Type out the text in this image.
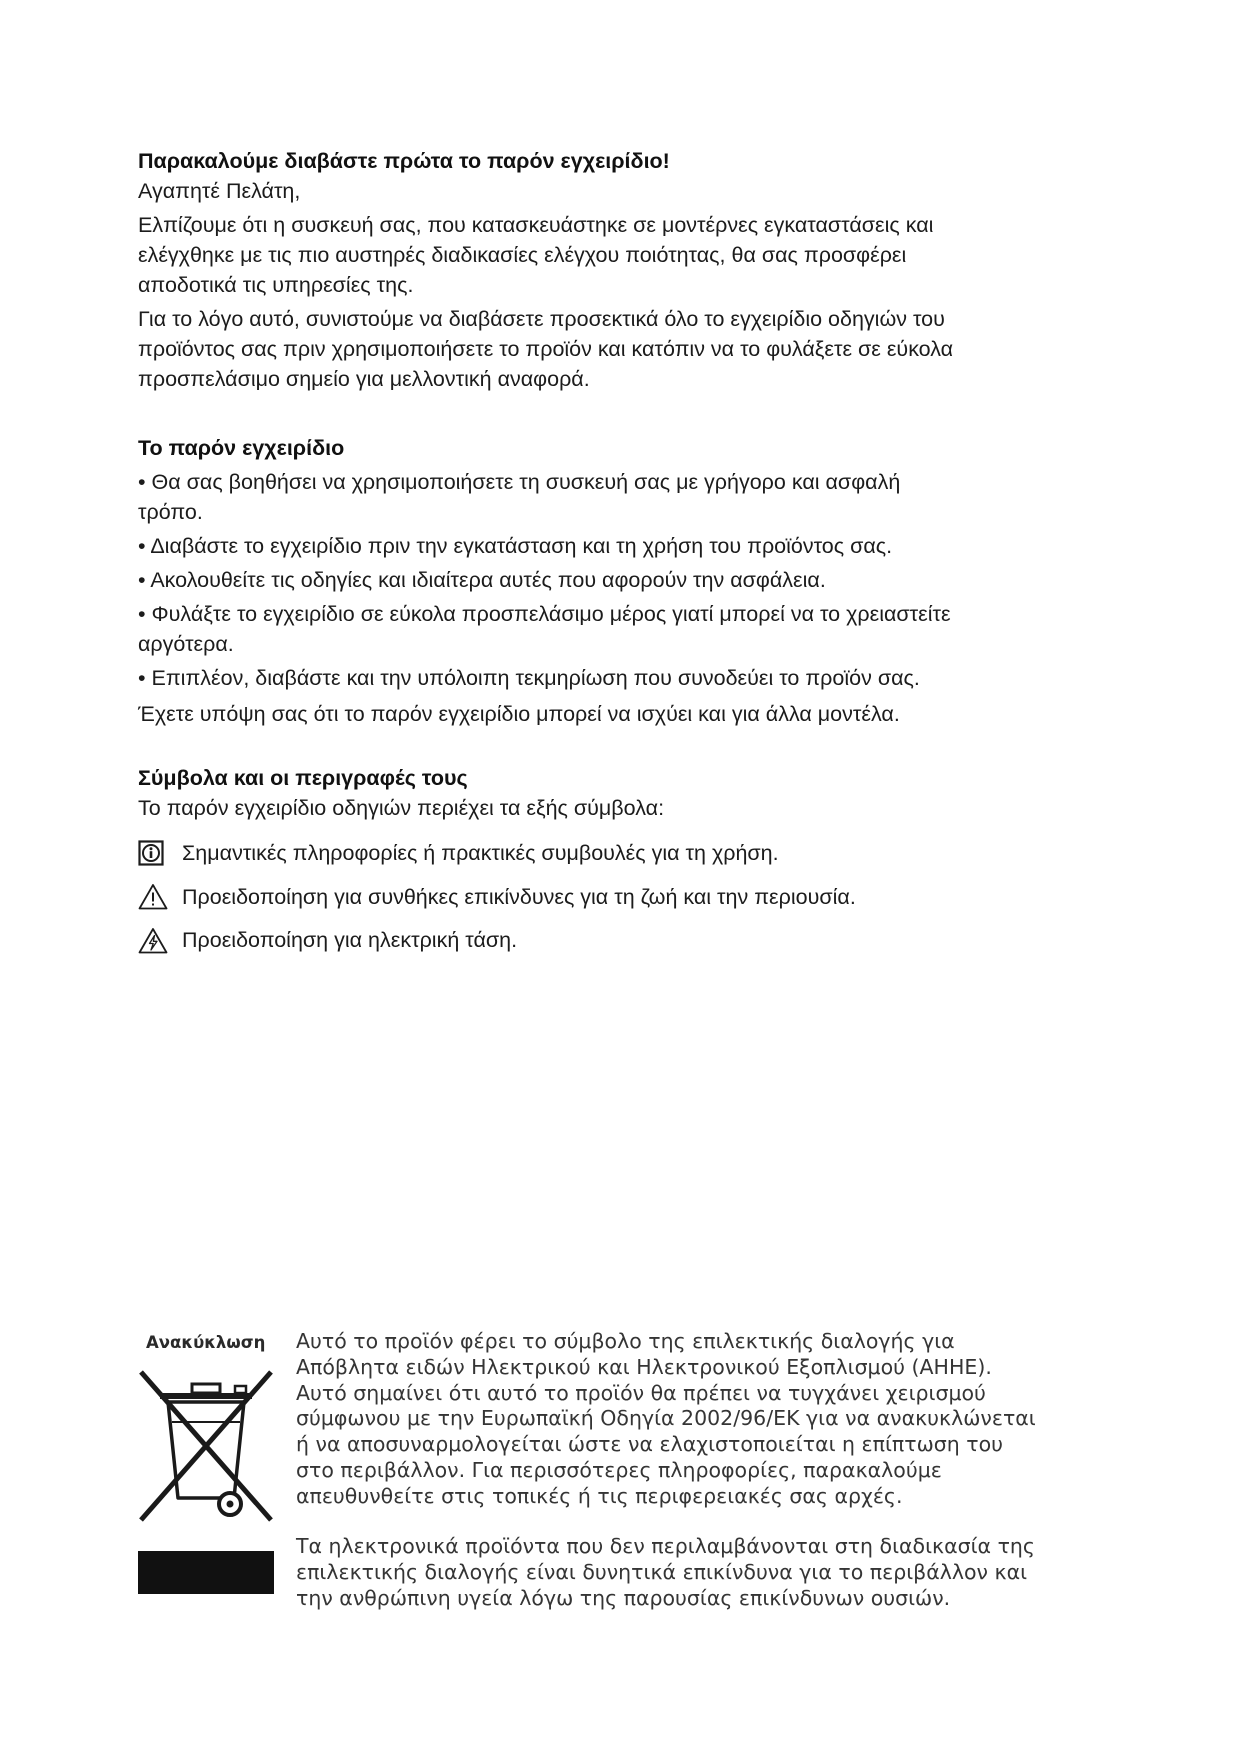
Παρακαλούμε διαβάστε πρώτα το παρόν εγχειρίδιο!
Αγαπητέ Πελάτη,
Ελπίζουμε ότι η συσκευή σας, που κατασκευάστηκε σε μοντέρνες εγκαταστάσεις και
ελέγχθηκε με τις πιο αυστηρές διαδικασίες ελέγχου ποιότητας, θα σας προσφέρει
αποδοτικά τις υπηρεσίες της.
Για το λόγο αυτό, συνιστούμε να διαβάσετε προσεκτικά όλο το εγχειρίδιο οδηγιών του
προϊόντος σας πριν χρησιμοποιήσετε το προϊόν και κατόπιν να το φυλάξετε σε εύκολα
προσπελάσιμο σημείο για μελλοντική αναφορά.
Το παρόν εγχειρίδιο
• Θα σας βοηθήσει να χρησιμοποιήσετε τη συσκευή σας με γρήγορο και ασφαλή
τρόπο.
• Διαβάστε το εγχειρίδιο πριν την εγκατάσταση και τη χρήση του προϊόντος σας.
• Ακολουθείτε τις οδηγίες και ιδιαίτερα αυτές που αφορούν την ασφάλεια.
• Φυλάξτε το εγχειρίδιο σε εύκολα προσπελάσιμο μέρος γιατί μπορεί να το χρειαστείτε
αργότερα.
• Επιπλέον, διαβάστε και την υπόλοιπη τεκμηρίωση που συνοδεύει το προϊόν σας.
Έχετε υπόψη σας ότι το παρόν εγχειρίδιο μπορεί να ισχύει και για άλλα μοντέλα.
Σύμβολα και οι περιγραφές τους
Το παρόν εγχειρίδιο οδηγιών περιέχει τα εξής σύμβολα:
Σημαντικές πληροφορίες ή πρακτικές συμβουλές για τη χρήση.
Προειδοποίηση για συνθήκες επικίνδυνες για τη ζωή και την περιουσία.
Προειδοποίηση για ηλεκτρική τάση.
Ανακύκλωση Αυτό το προϊόν φέρει το σύμβολο της επιλεκτικής διαλογής για
Απόβλητα ειδών Ηλεκτρικού και Ηλεκτρονικού Εξοπλισμού (ΑΗΗΕ).
Αυτό σημαίνει ότι αυτό το προϊόν θα πρέπει να τυγχάνει χειρισμού
σύμφωνου με την Ευρωπαϊκή Οδηγία 2002/96/ΕΚ για να ανακυκλώνεται
ή να αποσυναρμολογείται ώστε να ελαχιστοποιείται η επίπτωση του
στο περιβάλλον. Για περισσότερες πληροφορίες, παρακαλούμε
απευθυνθείτε στις τοπικές ή τις περιφερειακές σας αρχές.
Τα ηλεκτρονικά προϊόντα που δεν περιλαμβάνονται στη διαδικασία της
επιλεκτικής διαλογής είναι δυνητικά επικίνδυνα για το περιβάλλον και
την ανθρώπινη υγεία λόγω της παρουσίας επικίνδυνων ουσιών.
